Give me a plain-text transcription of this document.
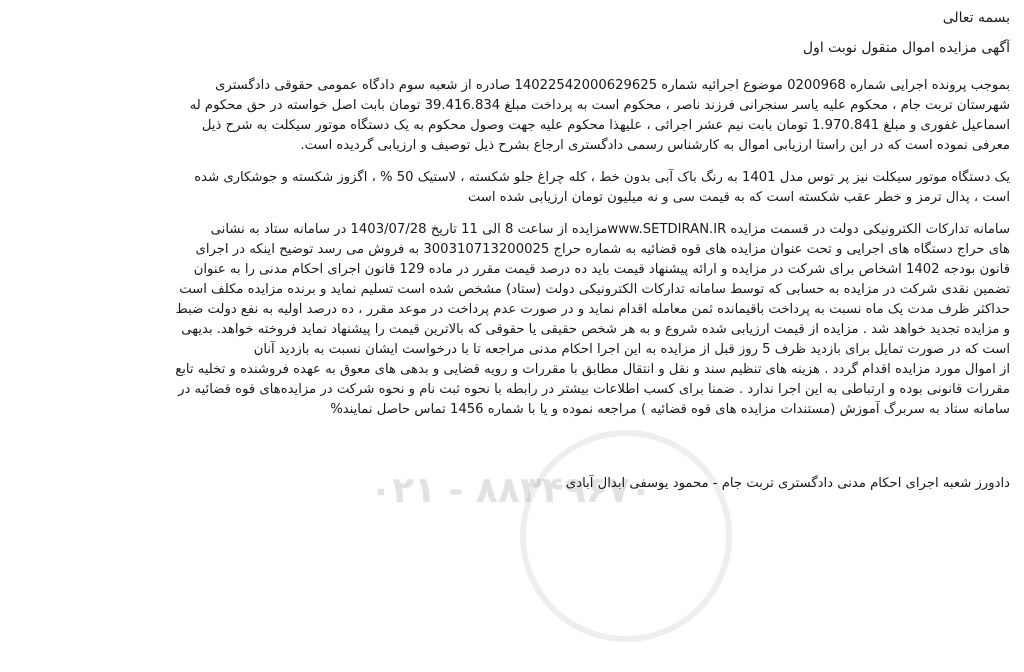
۰۲۱ - ۸۸۳۴۹۶۷۰
بسمه تعالی
آگهی مزایده اموال منقول نوبت اول
بموجب پرونده اجرایی شماره 0200968 موضوع اجرائیه شماره 14022542000629625 صادره از شعبه سوم دادگاه عمومی حقوقی دادگستری
شهرستان تربت جام ، محکوم علیه یاسر سنجرانی فرزند ناصر ، محکوم است به پرداخت مبلغ 39.416.834 تومان بابت اصل خواسته در حق محکوم له
اسماعیل غفوری و مبلغ 1.970.841 تومان بابت نیم عشر اجرائی ، علیهذا محکوم علیه جهت وصول محکوم به یک دستگاه موتور سیکلت به شرح ذیل
معرفی نموده است که در این راستا ارزیابی اموال به کارشناس رسمی دادگستری ارجاع بشرح ذیل توصیف و ارزیابی گردیده است.
یک دستگاه موتور سیکلت نیز پر توس مدل 1401 به رنگ باک آبی بدون خط ، کله چراغ جلو شکسته ، لاستیک 50 % ، اگزوز شکسته و جوشکاری شده
است ، پدال ترمز و خطر عقب شکسته است که به قیمت سی و نه میلیون تومان ارزیابی شده است
سامانه تدارکات الکترونیکی دولت در قسمت مزایده www.SETDIRAN.IRمزایده از ساعت 8 الی 11 تاریخ 1403/07/28 در سامانه ستاد به نشانی
های حراج دستگاه های اجرایی و تحت عنوان مزایده های قوه قضائیه به شماره حراج 300310713200025 به فروش می رسد توضیح اینکه در اجرای
قانون بودجه 1402 اشخاص برای شرکت در مزایده و ارائه پیشنهاد قیمت باید ده درصد قیمت مقرر در ماده 129 قانون اجرای احکام مدنی را به عنوان
تضمین نقدی شرکت در مزایده به حسابی که توسط سامانه تدارکات الکترونیکی دولت (ستاد) مشخص شده است تسلیم نماید و برنده مزایده مکلف است
حداکثر ظرف مدت یک ماه نسبت به پرداخت باقیمانده ثمن معامله اقدام نماید و در صورت عدم پرداخت در موعد مقرر ، ده درصد اولیه به نفع دولت ضبط
و مزایده تجدید خواهد شد . مزایده از قیمت ارزیابی شده شروع و به هر شخص حقیقی یا حقوقی که بالاترین قیمت را پیشنهاد نماید فروخته خواهد. بدیهی
است که در صورت تمایل برای بازدید ظرف 5 روز قبل از مزایده به این اجرا احکام مدنی مراجعه تا با درخواست ایشان نسبت به بازدید آنان
از اموال مورد مزایده اقدام گردد . هزینه های تنظیم سند و نقل و انتقال مطابق با مقررات و رویه قضایی و بدهی های معوق به عهده فروشنده و تخلیه تابع
مقررات قانونی بوده و ارتباطی به این اجرا ندارد . ضمنا برای کسب اطلاعات بیشتر در رابطه با نحوه ثبت نام و نحوه شرکت در مزایده‌های قوه قضائیه در
سامانه ستاد به سربرگ آموزش (مستندات مزایده های قوه قضائیه ) مراجعه نموده و یا با شماره 1456 تماس حاصل نمایند%
دادورز شعبه اجرای احکام مدنی دادگستری تربت جام - محمود یوسفی ابدال آبادی
